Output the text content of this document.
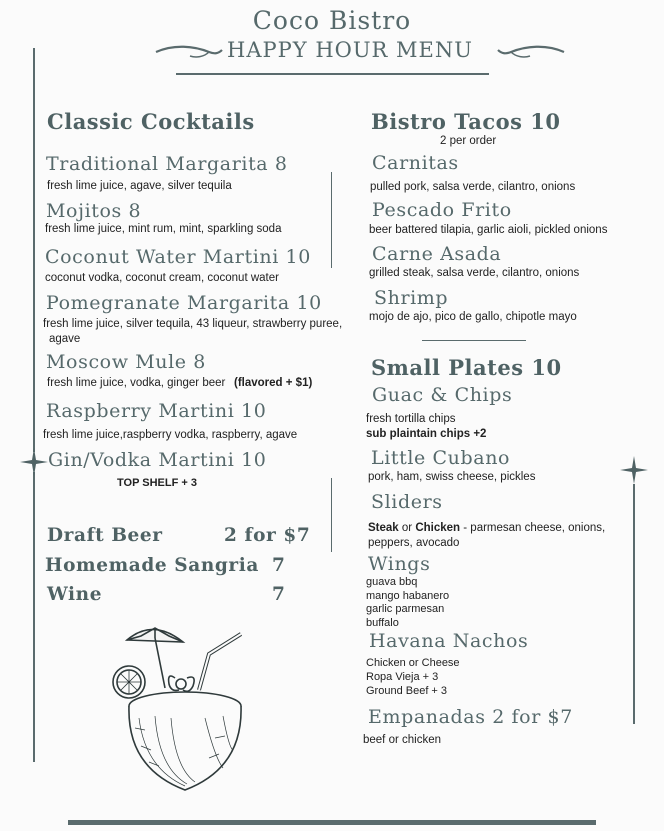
Coco Bistro
HAPPY HOUR MENU
Classic Cocktails
Traditional Margarita 8
fresh lime juice, agave, silver tequila
Mojitos 8
fresh lime juice, mint rum, mint, sparkling soda
Coconut Water Martini 10
coconut vodka, coconut cream, coconut water
Pomegranate Margarita 10
fresh lime juice, silver tequila, 43 liqueur, strawberry puree,
agave
Moscow Mule 8
fresh lime juice, vodka, ginger beer (flavored + $1)
Raspberry Martini 10
fresh lime juice,raspberry vodka, raspberry, agave
Gin/Vodka Martini 10
TOP SHELF + 3
Draft Beer	2 for $7
Homemade Sangria 7
Wine	7
Bistro Tacos 10
2 per order
Carnitas
pulled pork, salsa verde, cilantro, onions
Pescado Frito
beer battered tilapia, garlic aioli, pickled onions
Carne Asada
grilled steak, salsa verde, cilantro, onions
Shrimp
mojo de ajo, pico de gallo, chipotle mayo
Small Plates 10
Guac & Chips
fresh tortilla chips
sub plaintain chips +2
Little Cubano
pork, ham, swiss cheese, pickles
Sliders
Steak or Chicken - parmesan cheese, onions,
peppers, avocado
Wings
guava bbq
mango habanero
garlic parmesan
buffalo
Havana Nachos
Chicken or Cheese
Ropa Vieja + 3
Ground Beef + 3
Empanadas 2 for $7
beef or chicken
